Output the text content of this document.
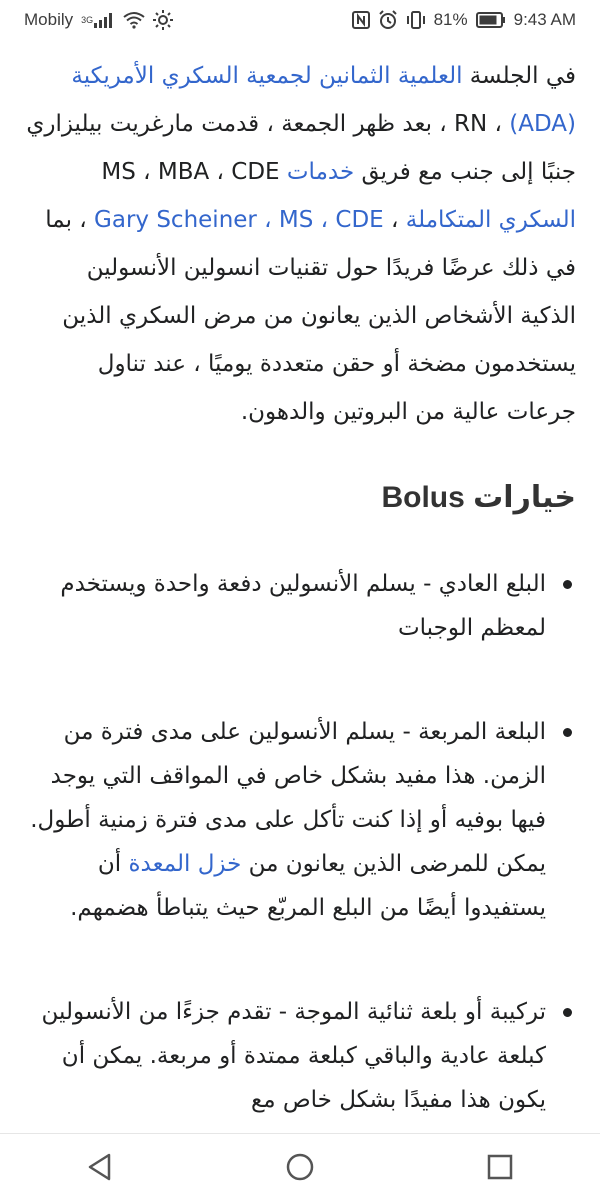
Mobily 3G	81%	9:43 AM

في الجلسة العلمية الثمانين لجمعية السكري الأمريكية (ADA) ، RN ، بعد ظهر الجمعة ، قدمت مارغريت بيليزاري جنبًا إلى جنب مع فريق خدمات MS ، MBA ، CDE السكري المتكاملة ، Gary Scheiner ، MS ، CDE ، بما في ذلك عرضًا فريدًا حول تقنيات انسولين الأنسولين الذكية الأشخاص الذين يعانون من مرض السكري الذين يستخدمون مضخة أو حقن متعددة يوميًا ، عند تناول جرعات عالية من البروتين والدهون.

خيارات Bolus
البلع العادي - يسلم الأنسولين دفعة واحدة ويستخدم لمعظم الوجبات
البلعة المربعة - يسلم الأنسولين على مدى فترة من الزمن. هذا مفيد بشكل خاص في المواقف التي يوجد فيها بوفيه أو إذا كنت تأكل على مدى فترة زمنية أطول. يمكن للمرضى الذين يعانون من خزل المعدة أن يستفيدوا أيضًا من البلع المربّع حيث يتباطأ هضمهم.
تركيبة أو بلعة ثنائية الموجة - تقدم جزءًا من الأنسولين كبلعة عادية والباقي كبلعة ممتدة أو مربعة. يمكن أن يكون هذا مفيدًا بشكل خاص مع
